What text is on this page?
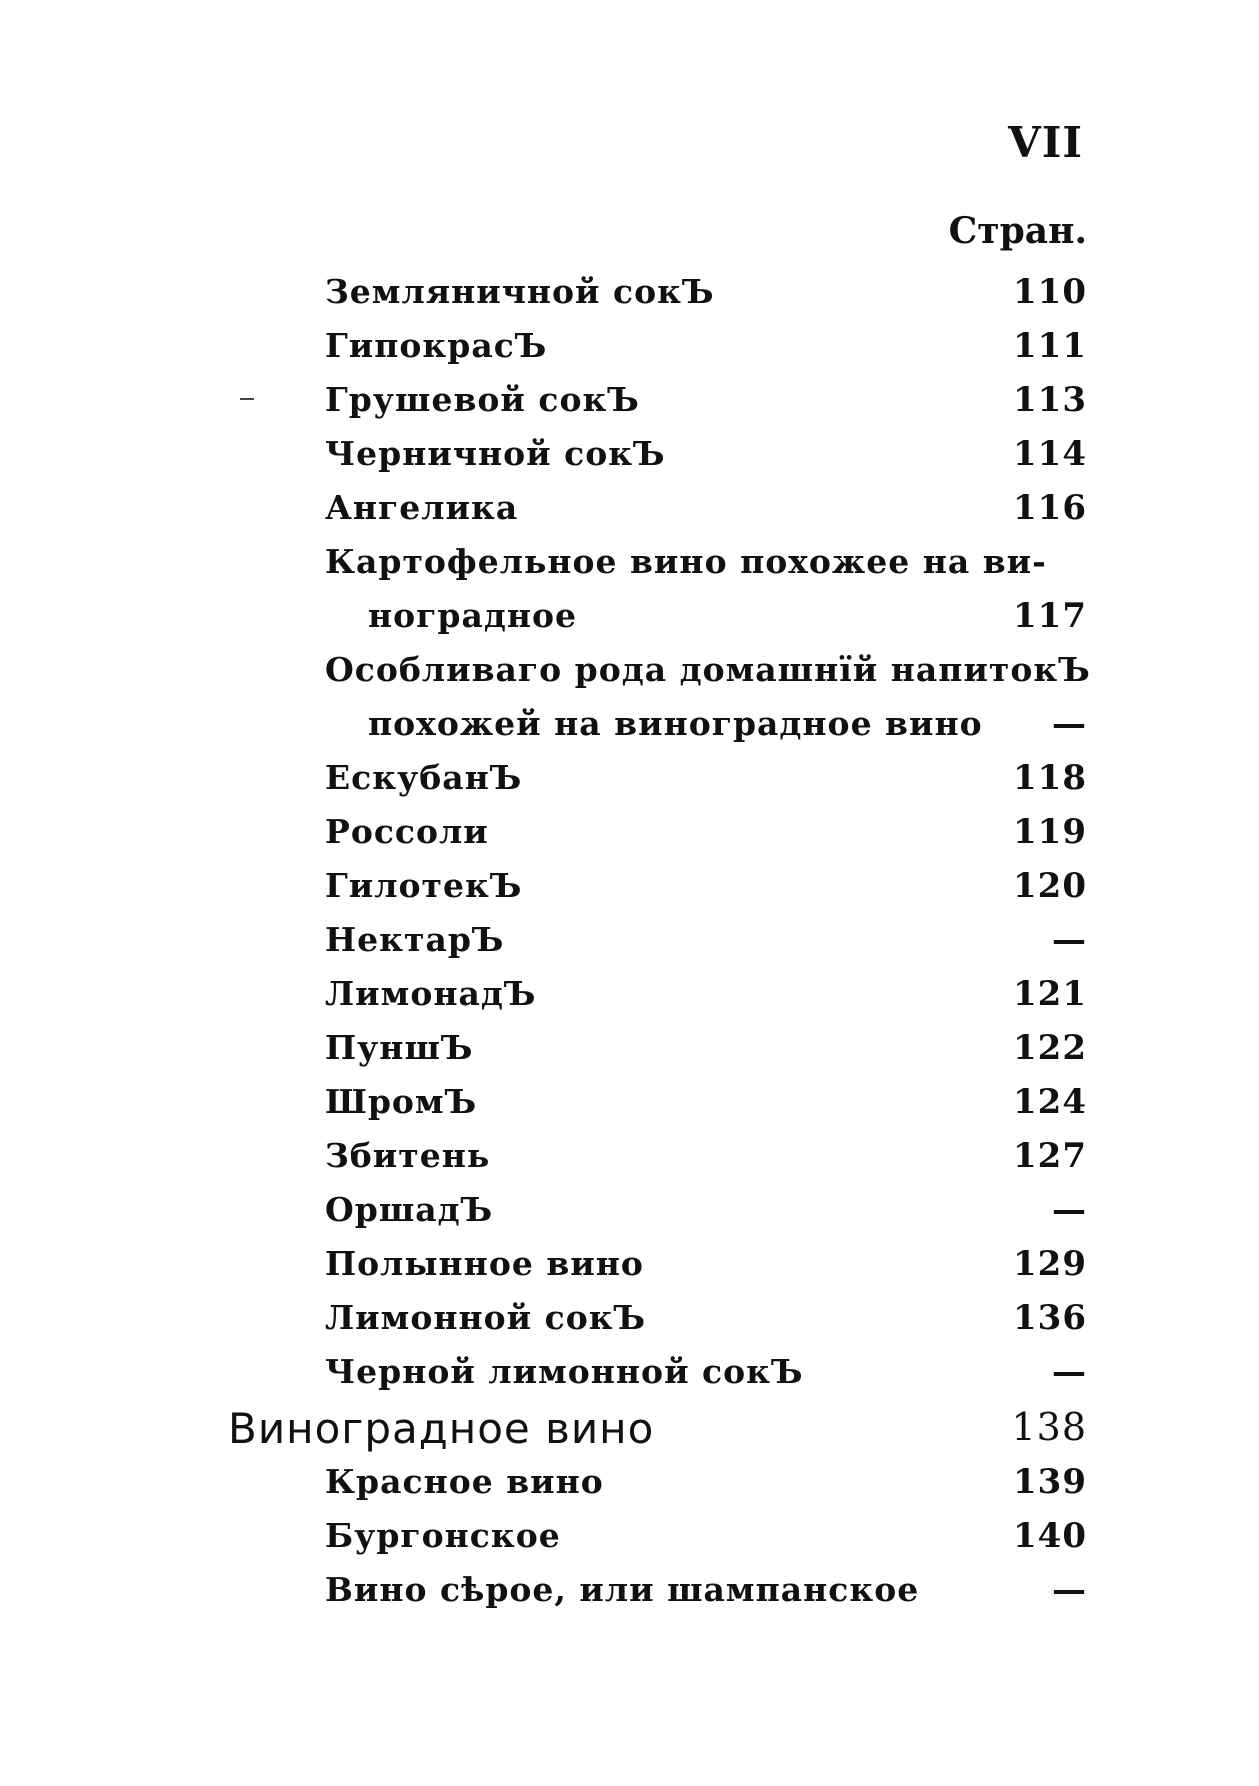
VII
Стран.
Земляничной сокЪ	110
ГипокрасЪ	111
Грушевой сокЪ	113
Черничной сокЪ	114
Ангелика	116
Картофельное вино похожее на ви-
ноградное	117
Особливаго рода домашнїй напитокЪ
похожей на виноградное вино —
ЕскубанЪ	118
Россоли	119
ГилотекЪ	120
НектарЪ	—
ЛимонадЪ	121
ПуншЪ	122
ШромЪ	124
Збитень	127
ОршадЪ	—
Полынное вино	129
Лимонной сокЪ	136
Черной лимонной сокЪ	—
Виноградное вино	138
Красное вино	139
Бургонское	140
Вино сѣрое, или шампанское	—
